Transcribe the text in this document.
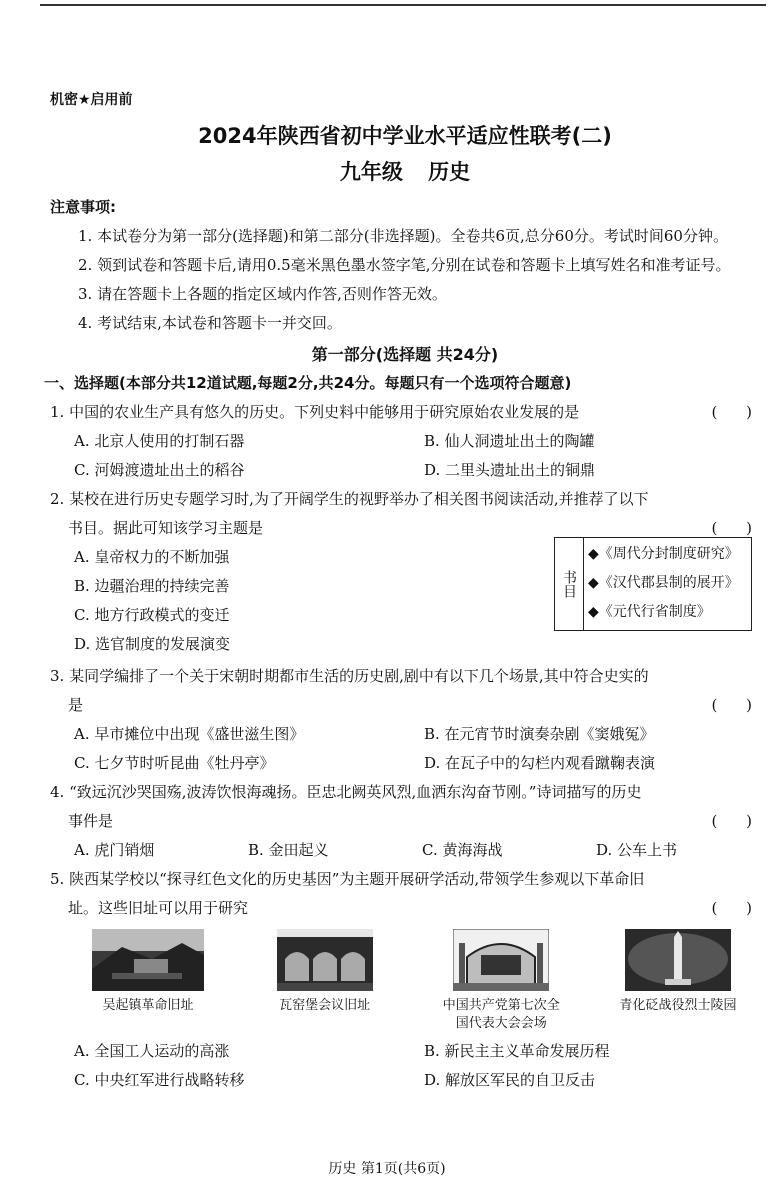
机密★启用前
2024年陕西省初中学业水平适应性联考(二)
九年级 历史
注意事项:
1. 本试卷分为第一部分(选择题)和第二部分(非选择题)。全卷共6页,总分60分。考试时间60分钟。
2. 领到试卷和答题卡后,请用0.5毫米黑色墨水签字笔,分别在试卷和答题卡上填写姓名和准考证号。
3. 请在答题卡上各题的指定区域内作答,否则作答无效。
4. 考试结束,本试卷和答题卡一并交回。
第一部分(选择题 共24分)
一、选择题(本部分共12道试题,每题2分,共24分。每题只有一个选项符合题意)
1. 中国的农业生产具有悠久的历史。下列史料中能够用于研究原始农业发展的是	( )
A. 北京人使用的打制石器	B. 仙人洞遗址出土的陶罐
C. 河姆渡遗址出土的稻谷	D. 二里头遗址出土的铜鼎
2. 某校在进行历史专题学习时,为了开阔学生的视野举办了相关图书阅读活动,并推荐了以下
书目。据此可知该学习主题是	( )
A. 皇帝权力的不断加强
B. 边疆治理的持续完善
C. 地方行政模式的变迁
D. 选官制度的发展演变
书目
◆《周代分封制度研究》
◆《汉代郡县制的展开》
◆《元代行省制度》
3. 某同学编排了一个关于宋朝时期都市生活的历史剧,剧中有以下几个场景,其中符合史实的
是	( )
A. 早市摊位中出现《盛世滋生图》	B. 在元宵节时演奏杂剧《窦娥冤》
C. 七夕节时听昆曲《牡丹亭》	D. 在瓦子中的勾栏内观看蹴鞠表演
4. “致远沉沙哭国殇,波涛饮恨海魂扬。臣忠北阙英风烈,血洒东沟奋节刚。”诗词描写的历史
事件是	( )
A. 虎门销烟	B. 金田起义	C. 黄海海战	D. 公车上书
5. 陕西某学校以“探寻红色文化的历史基因”为主题开展研学活动,带领学生参观以下革命旧
址。这些旧址可以用于研究	( )
吴起镇革命旧址	瓦窑堡会议旧址	中国共产党第七次全国代表大会会场
青化砭战役烈士陵园
A. 全国工人运动的高涨	B. 新民主主义革命发展历程
C. 中央红军进行战略转移	D. 解放区军民的自卫反击
历史 第1页(共6页)
